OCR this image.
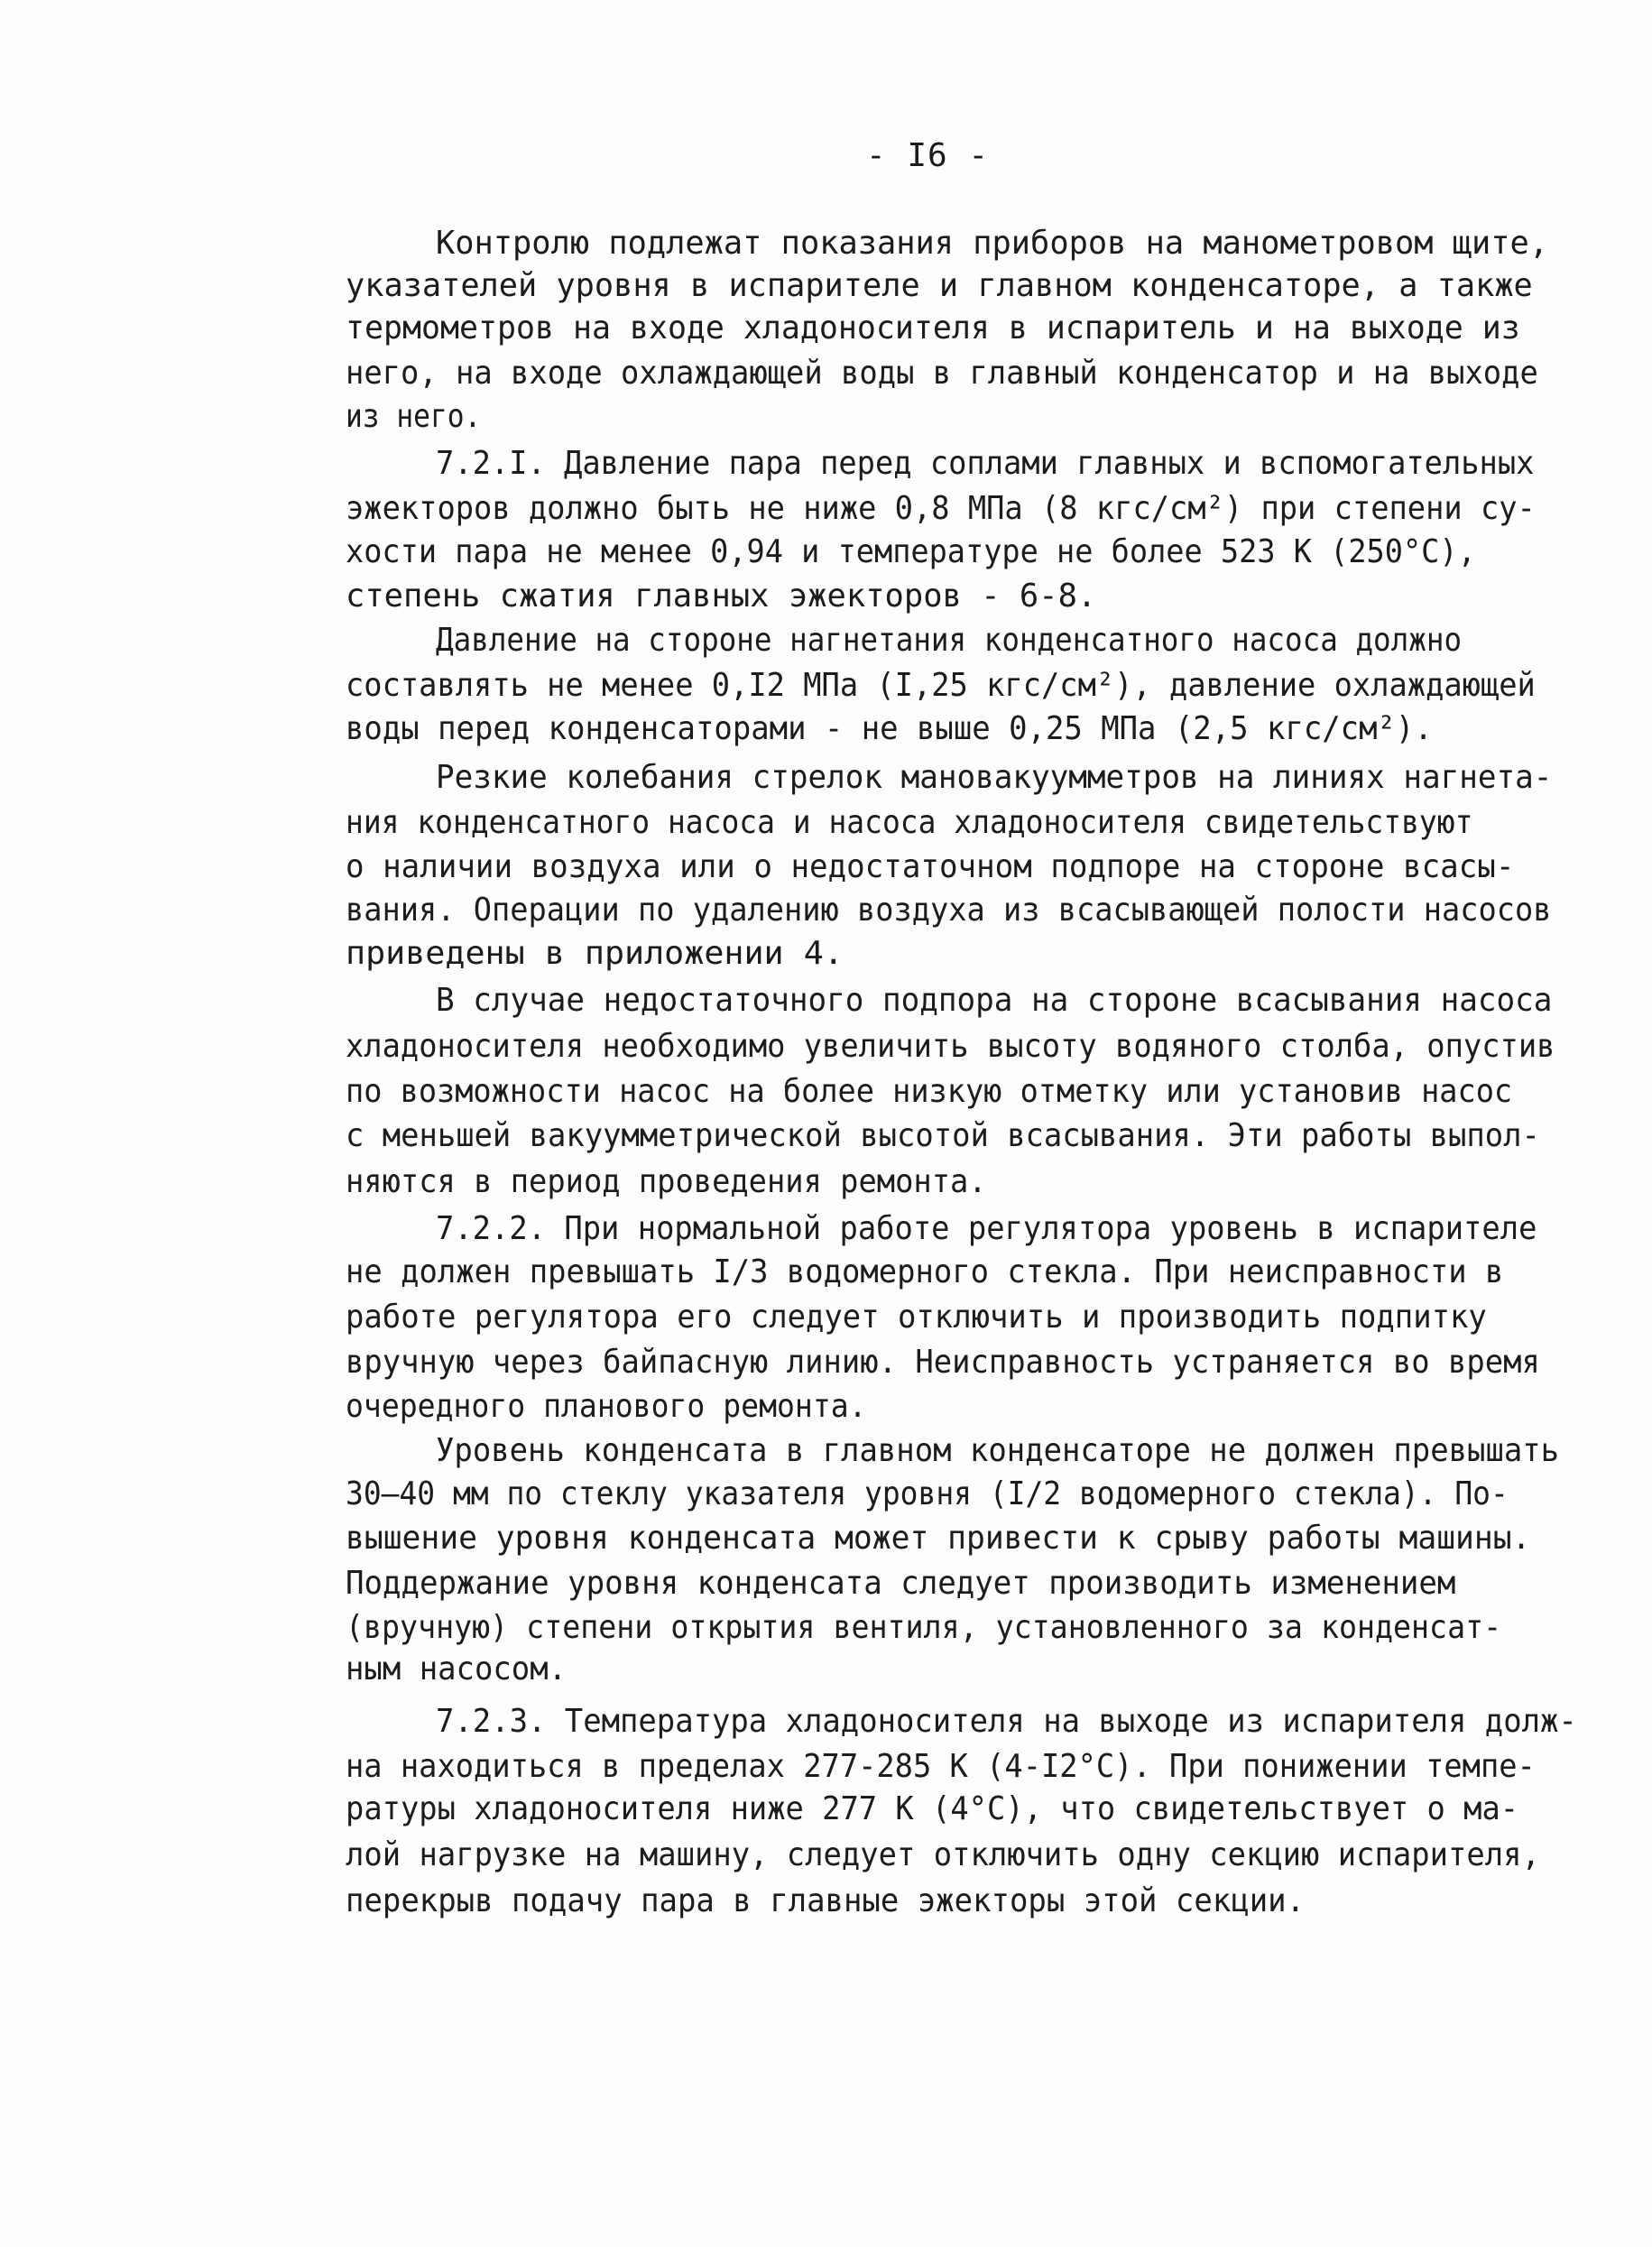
- I6 -
Контролю подлежат показания приборов на манометровом щите,
указателей уровня в испарителе и главном конденсаторе, а также
термометров на входе хладоносителя в испаритель и на выходе из
него, на входе охлаждающей воды в главный конденсатор и на выходе
из него.
7.2.I. Давление пара перед соплами главных и вспомогательных
эжекторов должно быть не ниже 0,8 МПа (8 кгс/см²) при степени су-
хости пара не менее 0,94 и температуре не более 523 К (250°С),
степень сжатия главных эжекторов - 6-8.
Давление на стороне нагнетания конденсатного насоса должно
составлять не менее 0,I2 МПа (I,25 кгс/см²), давление охлаждающей
воды перед конденсаторами - не выше 0,25 МПа (2,5 кгс/см²).
Резкие колебания стрелок мановакуумметров на линиях нагнета-
ния конденсатного насоса и насоса хладоносителя свидетельствуют
о наличии воздуха или о недостаточном подпоре на стороне всасы-
вания. Операции по удалению воздуха из всасывающей полости насосов
приведены в приложении 4.
В случае недостаточного подпора на стороне всасывания насоса
хладоносителя необходимо увеличить высоту водяного столба, опустив
по возможности насос на более низкую отметку или установив насос
с меньшей вакуумметрической высотой всасывания. Эти работы выпол-
няются в период проведения ремонта.
7.2.2. При нормальной работе регулятора уровень в испарителе
не должен превышать I/3 водомерного стекла. При неисправности в
работе регулятора его следует отключить и производить подпитку
вручную через байпасную линию. Неисправность устраняется во время
очередного планового ремонта.
Уровень конденсата в главном конденсаторе не должен превышать
30–40 мм по стеклу указателя уровня (I/2 водомерного стекла). По-
вышение уровня конденсата может привести к срыву работы машины.
Поддержание уровня конденсата следует производить изменением
(вручную) степени открытия вентиля, установленного за конденсат-
ным насосом.
7.2.3. Температура хладоносителя на выходе из испарителя долж-
на находиться в пределах 277-285 К (4-I2°С). При понижении темпе-
ратуры хладоносителя ниже 277 К (4°С), что свидетельствует о ма-
лой нагрузке на машину, следует отключить одну секцию испарителя,
перекрыв подачу пара в главные эжекторы этой секции.
